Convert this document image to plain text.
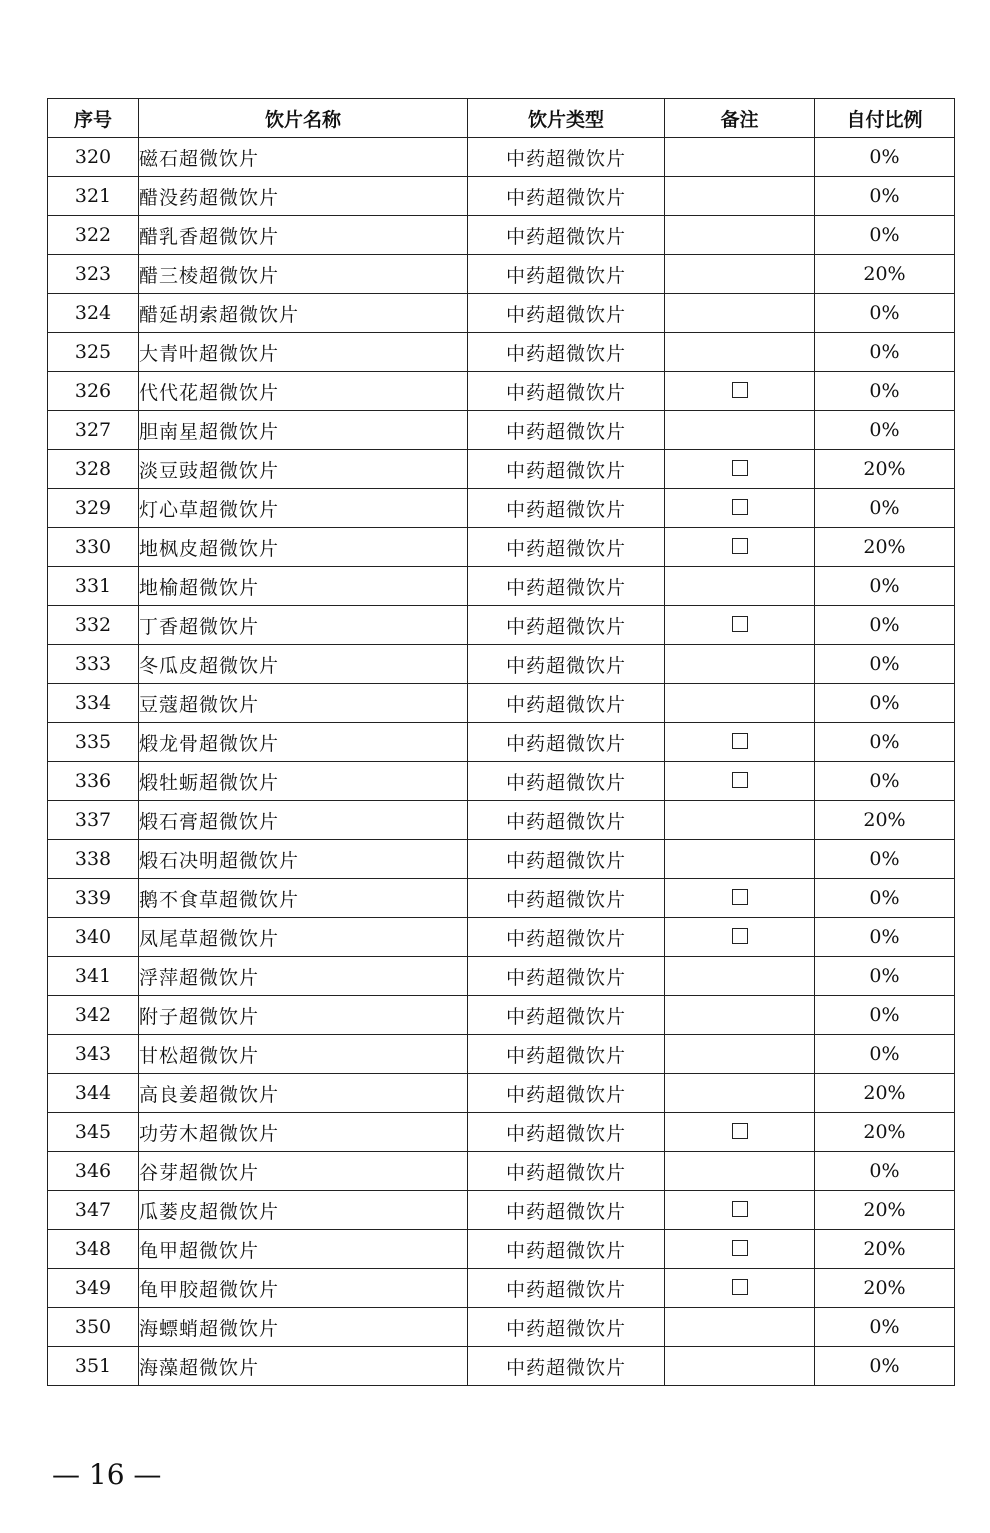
序号	饮片名称	饮片类型	备注	自付比例
320	磁石超微饮片	中药超微饮片		0%
321	醋没药超微饮片	中药超微饮片		0%
322	醋乳香超微饮片	中药超微饮片		0%
323	醋三棱超微饮片	中药超微饮片		20%
324	醋延胡索超微饮片	中药超微饮片		0%
325	大青叶超微饮片	中药超微饮片		0%
326	代代花超微饮片	中药超微饮片		0%
327	胆南星超微饮片	中药超微饮片		0%
328	淡豆豉超微饮片	中药超微饮片		20%
329	灯心草超微饮片	中药超微饮片		0%
330	地枫皮超微饮片	中药超微饮片		20%
331	地榆超微饮片	中药超微饮片		0%
332	丁香超微饮片	中药超微饮片		0%
333	冬瓜皮超微饮片	中药超微饮片		0%
334	豆蔻超微饮片	中药超微饮片		0%
335	煅龙骨超微饮片	中药超微饮片		0%
336	煅牡蛎超微饮片	中药超微饮片		0%
337	煅石膏超微饮片	中药超微饮片		20%
338	煅石决明超微饮片	中药超微饮片		0%
339	鹅不食草超微饮片	中药超微饮片		0%
340	凤尾草超微饮片	中药超微饮片		0%
341	浮萍超微饮片	中药超微饮片		0%
342	附子超微饮片	中药超微饮片		0%
343	甘松超微饮片	中药超微饮片		0%
344	高良姜超微饮片	中药超微饮片		20%
345	功劳木超微饮片	中药超微饮片		20%
346	谷芽超微饮片	中药超微饮片		0%
347	瓜蒌皮超微饮片	中药超微饮片		20%
348	龟甲超微饮片	中药超微饮片		20%
349	龟甲胶超微饮片	中药超微饮片		20%
350	海螵蛸超微饮片	中药超微饮片		0%
351	海藻超微饮片	中药超微饮片		0%
— 16 —
